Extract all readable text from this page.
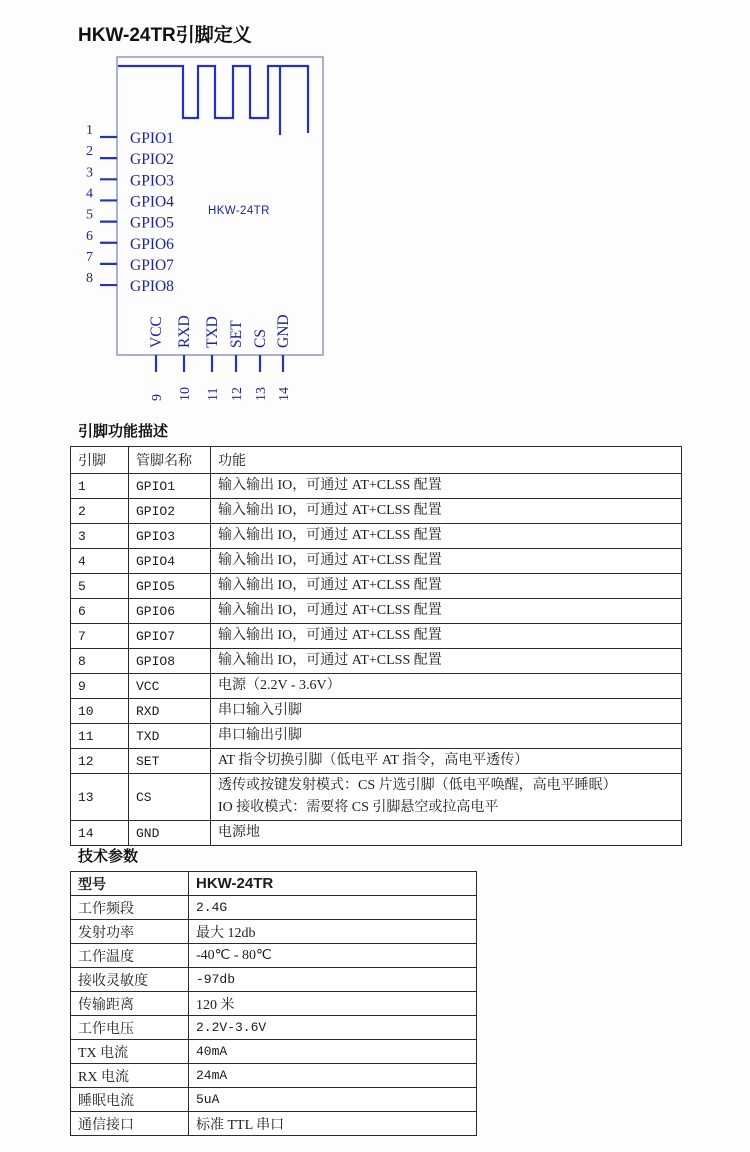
HKW-24TR引脚定义
1 GPIO1
2 GPIO2
3 GPIO3
4 GPIO4
5 GPIO5
6 GPIO6
7 GPIO7
8 GPIO8
VCC
9
RXD
10
TXD
11
SET
12
CS
13
GND
14
HKW-24TR
引脚功能描述
引脚	管脚名称	功能
1	GPIO1	输入输出 IO，可通过 AT+CLSS 配置

2	GPIO2	输入输出 IO，可通过 AT+CLSS 配置

3	GPIO3	输入输出 IO，可通过 AT+CLSS 配置

4	GPIO4	输入输出 IO，可通过 AT+CLSS 配置

5	GPIO5	输入输出 IO，可通过 AT+CLSS 配置

6	GPIO6	输入输出 IO，可通过 AT+CLSS 配置

7	GPIO7	输入输出 IO，可通过 AT+CLSS 配置

8	GPIO8	输入输出 IO，可通过 AT+CLSS 配置

9	VCC	电源（2.2V - 3.6V）

10	RXD	串口输入引脚

11	TXD	串口输出引脚

12	SET	AT 指令切换引脚（低电平 AT 指令，高电平透传）

13	CS	透传或按键发射模式：CS 片选引脚（低电平唤醒，高电平睡眠）
IO 接收模式：需要将 CS 引脚悬空或拉高电平

14	GND	电源地
技术参数
型号	HKW-24TR
工作频段	2.4G
发射功率	最大 12db
工作温度	-40℃ - 80℃
接收灵敏度	-97db
传输距离	120 米
工作电压	2.2V-3.6V
TX 电流	40mA
RX 电流	24mA
睡眠电流	5uA
通信接口	标准 TTL 串口
